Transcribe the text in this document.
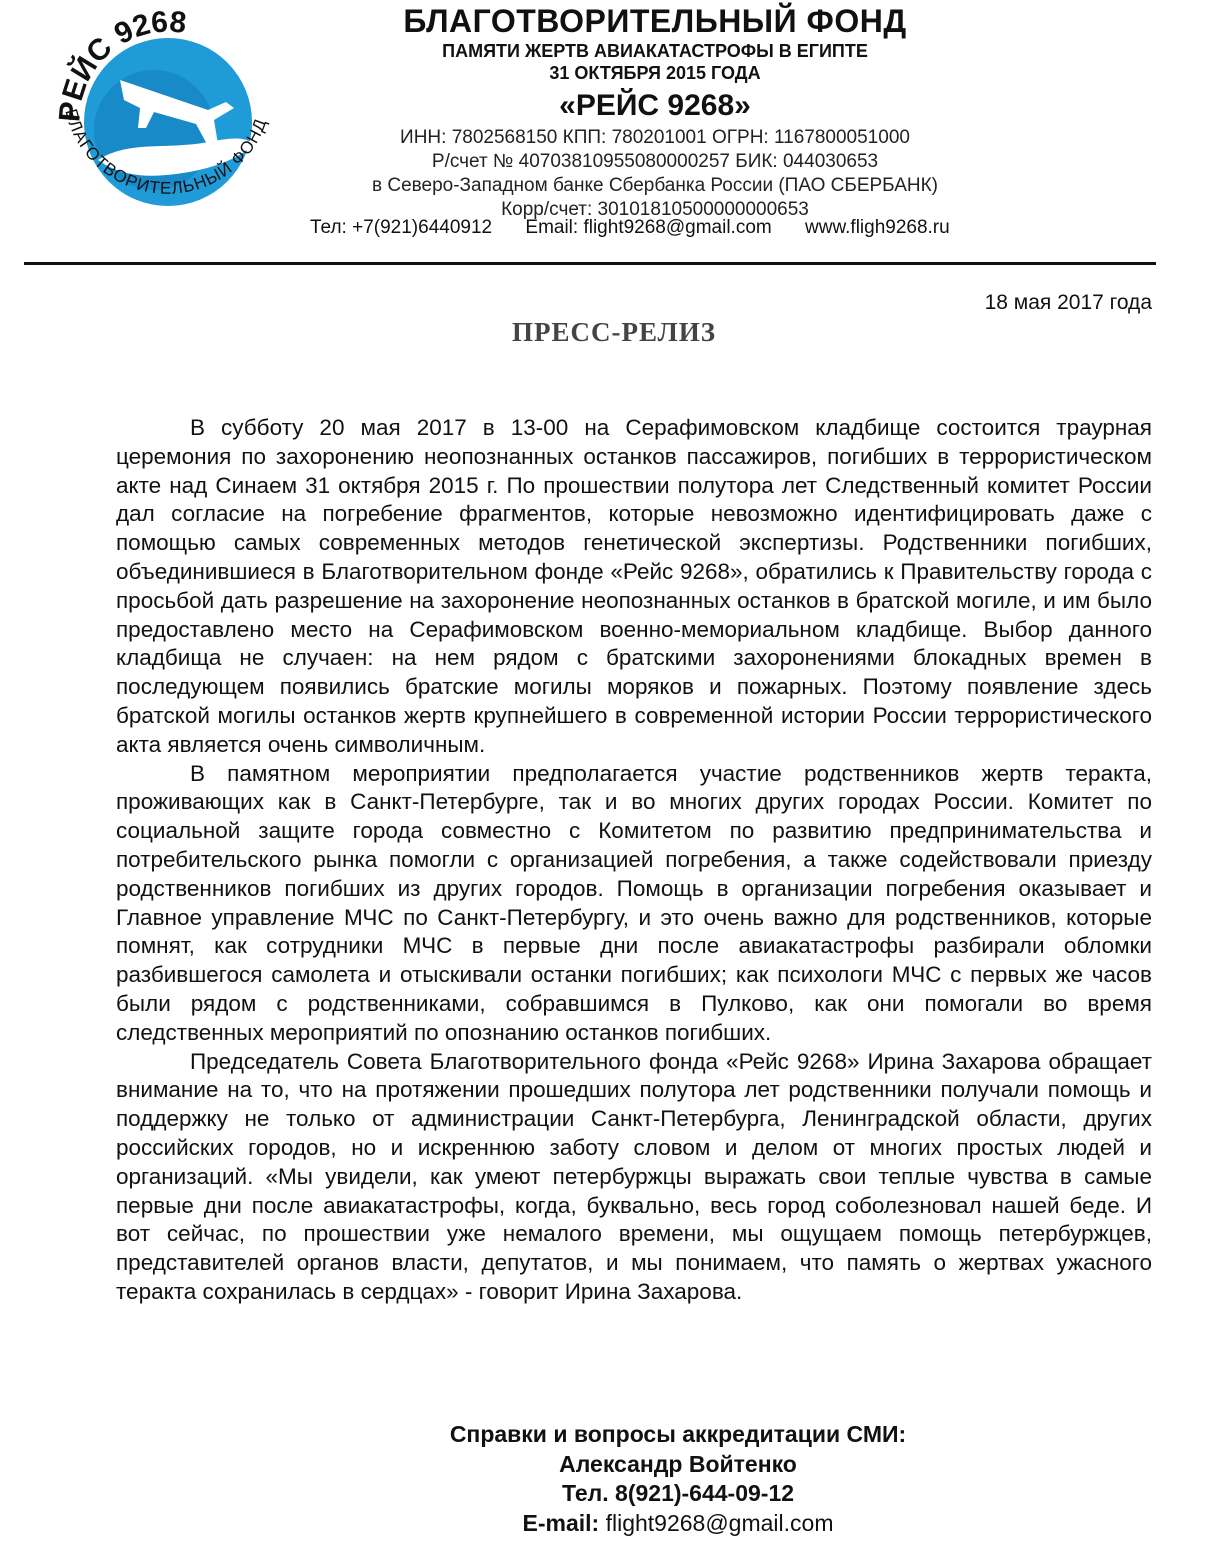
ЕЙС 9268
БЛАГОТВОРИТЕЛЬНЫЙ ФОНД
БЛАГОТВОРИТЕЛЬНЫЙ ФОНД
ПАМЯТИ ЖЕРТВ АВИАКАТАСТРОФЫ В ЕГИПТЕ
31 ОКТЯБРЯ 2015 ГОДА
«РЕЙС 9268»
ИНН: 7802568150 КПП: 780201001 ОГРН: 1167800051000
Р/счет № 40703810955080000257 БИК: 044030653
в Северо-Западном банке Сбербанка России (ПАО СБЕРБАНК)
Корр/счет: 30101810500000000653
Тел: +7(921)6440912 Email: flight9268@gmail.com www.fligh9268.ru
18 мая 2017 года
ПРЕСС-РЕЛИЗ

В субботу 20 мая 2017 в 13-00 на Серафимовском кладбище состоится траурная церемония по захоронению неопознанных останков пассажиров, погибших в террористическом акте над Синаем 31 октября 2015 г. По прошествии полутора лет Следственный комитет России дал согласие на погребение фрагментов, которые невозможно идентифицировать даже с помощью самых современных методов генетической экспертизы. Родственники погибших, объединившиеся в Благотворительном фонде «Рейс 9268», обратились к Правительству города с просьбой дать разрешение на захоронение неопознанных останков в братской могиле, и им было предоставлено место на Серафимовском военно-мемориальном кладбище. Выбор данного кладбища не случаен: на нем рядом с братскими захоронениями блокадных времен в последующем появились братские могилы моряков и пожарных. Поэтому появление здесь братской могилы останков жертв крупнейшего в современной истории России террористического акта является очень символичным.

В памятном мероприятии предполагается участие родственников жертв теракта, проживающих как в Санкт-Петербурге, так и во многих других городах России. Комитет по социальной защите города совместно с Комитетом по развитию предпринимательства и потребительского рынка помогли с организацией погребения, а также содействовали приезду родственников погибших из других городов. Помощь в организации погребения оказывает и Главное управление МЧС по Санкт-Петербургу, и это очень важно для родственников, которые помнят, как сотрудники МЧС в первые дни после авиакатастрофы разбирали обломки разбившегося самолета и отыскивали останки погибших; как психологи МЧС с первых же часов были рядом с родственниками, собравшимся в Пулково, как они помогали во время следственных мероприятий по опознанию останков погибших.

Председатель Совета Благотворительного фонда «Рейс 9268» Ирина Захарова обращает внимание на то, что на протяжении прошедших полутора лет родственники получали помощь и поддержку не только от администрации Санкт-Петербурга, Ленинградской области, других российских городов, но и искреннюю заботу словом и делом от многих простых людей и организаций. «Мы увидели, как умеют петербуржцы выражать свои теплые чувства в самые первые дни после авиакатастрофы, когда, буквально, весь город соболезновал нашей беде. И вот сейчас, по прошествии уже немалого времени, мы ощущаем помощь петербуржцев, представителей органов власти, депутатов, и мы понимаем, что память о жертвах ужасного теракта сохранилась в сердцах» - говорит Ирина Захарова.

Справки и вопросы аккредитации СМИ:
Александр Войтенко
Тел. 8(921)-644-09-12
E-mail: flight9268@gmail.com
